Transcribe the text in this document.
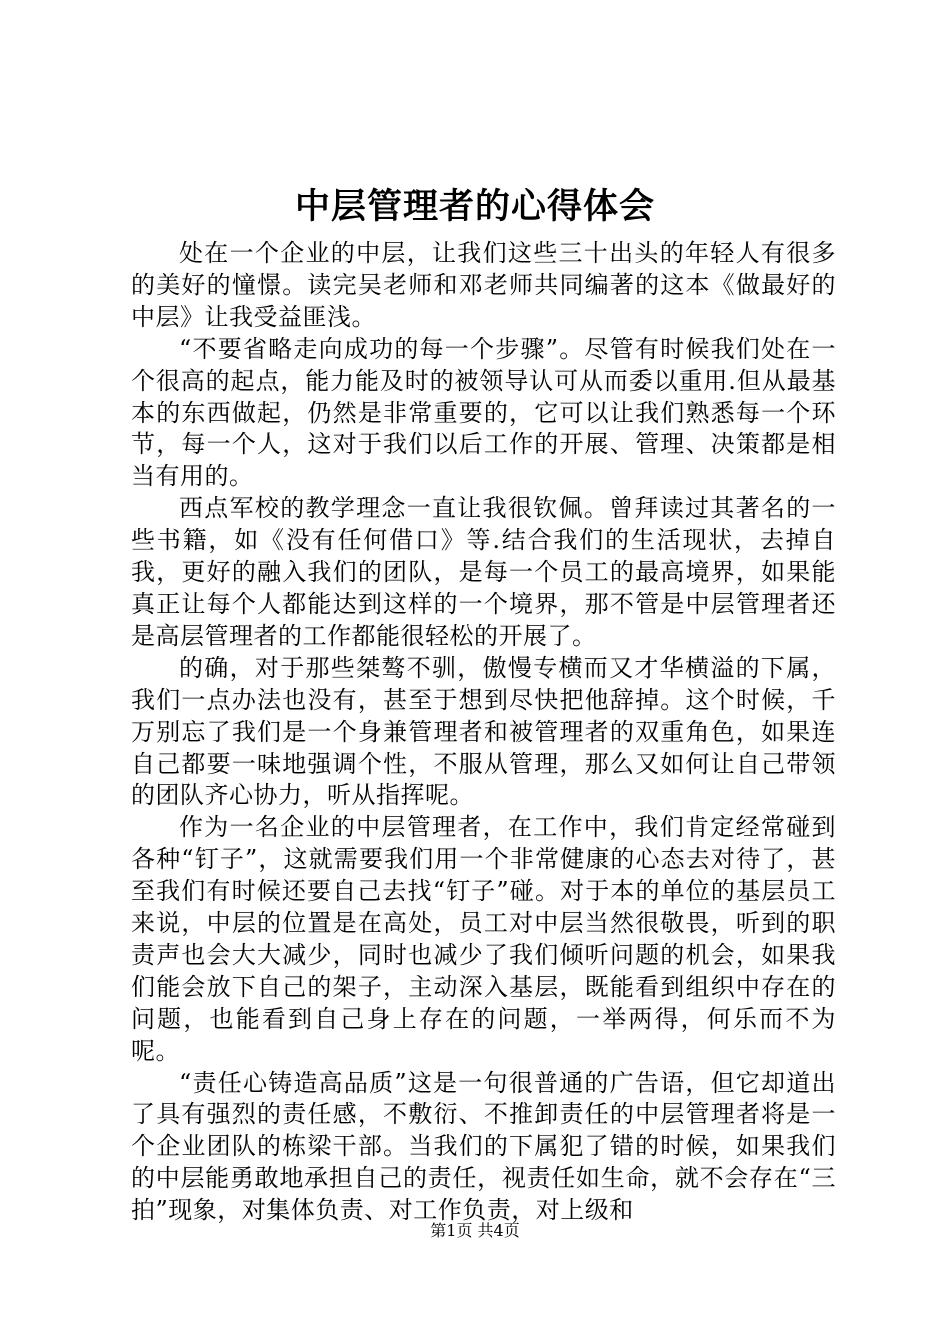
中层管理者的心得体会

处在一个企业的中层，让我们这些三十出头的年轻人有很多的美好的憧憬。读完吴老师和邓老师共同编著的这本《做最好的中层》让我受益匪浅。

“不要省略走向成功的每一个步骤”。尽管有时候我们处在一个很高的起点，能力能及时的被领导认可从而委以重用.但从最基本的东西做起，仍然是非常重要的，它可以让我们熟悉每一个环节，每一个人，这对于我们以后工作的开展、管理、决策都是相当有用的。

西点军校的教学理念一直让我很钦佩。曾拜读过其著名的一些书籍，如《没有任何借口》等.结合我们的生活现状，去掉自我，更好的融入我们的团队，是每一个员工的最高境界，如果能真正让每个人都能达到这样的一个境界，那不管是中层管理者还是高层管理者的工作都能很轻松的开展了。

的确，对于那些桀骜不驯，傲慢专横而又才华横溢的下属，我们一点办法也没有，甚至于想到尽快把他辞掉。这个时候，千万别忘了我们是一个身兼管理者和被管理者的双重角色，如果连自己都要一味地强调个性，不服从管理，那么又如何让自己带领的团队齐心协力，听从指挥呢。

作为一名企业的中层管理者，在工作中，我们肯定经常碰到各种“钉子”，这就需要我们用一个非常健康的心态去对待了，甚至我们有时候还要自己去找“钉子”碰。对于本的单位的基层员工来说，中层的位置是在高处，员工对中层当然很敬畏，听到的职责声也会大大减少，同时也减少了我们倾听问题的机会，如果我们能会放下自己的架子，主动深入基层，既能看到组织中存在的问题，也能看到自己身上存在的问题，一举两得，何乐而不为呢。

“责任心铸造高品质”这是一句很普通的广告语，但它却道出了具有强烈的责任感，不敷衍、不推卸责任的中层管理者将是一个企业团队的栋梁干部。当我们的下属犯了错的时候，如果我们的中层能勇敢地承担自己的责任，视责任如生命，就不会存在“三拍”现象，对集体负责、对工作负责，对上级和

第1页 共4页
